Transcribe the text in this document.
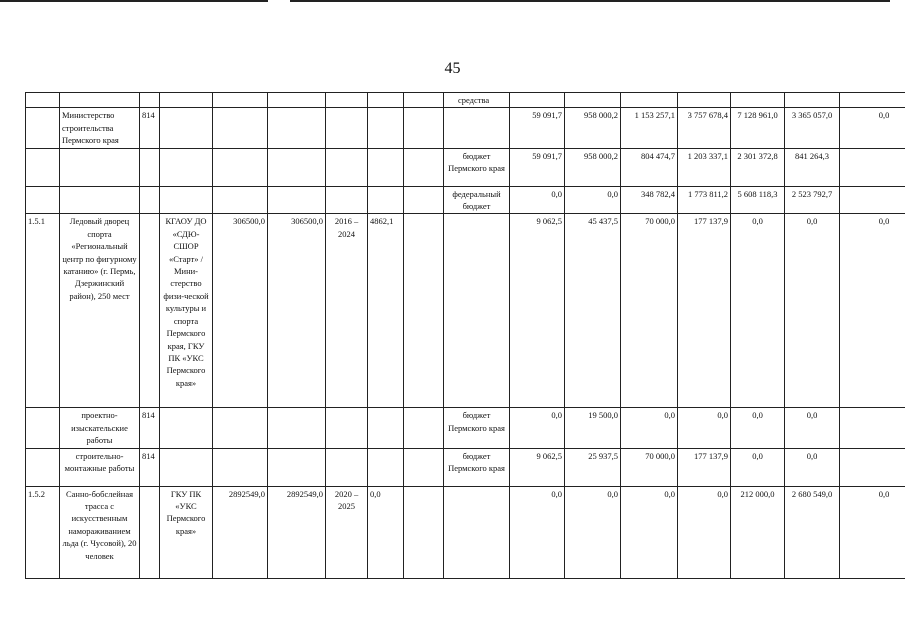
45
									средства							
	Министерство строительства Пермского края	814								59 091,7	958 000,2	1 153 257,1	3 757 678,4	7 128 961,0	3 365 057,0	0,0
									бюджет Пермского края	59 091,7	958 000,2	804 474,7	1 203 337,1	2 301 372,8	841 264,3	
									федеральный бюджет	0,0	0,0	348 782,4	1 773 811,2	5 608 118,3	2 523 792,7	
1.5.1	Ледовый дворец спорта «Региональный центр по фигурному катанию» (г. Пермь, Дзержинский район), 250 мест		КГАОУ ДО «СДЮ-СШОР «Старт» / Мини-стерство физи-ческой культуры и спорта Пермского края, ГКУ ПК «УКС Пермского края»	306500,0	306500,0	2016 – 2024	4862,1			9 062,5	45 437,5	70 000,0	177 137,9	0,0	0,0	0,0
	проектно-изыскательские работы	814							бюджет Пермского края	0,0	19 500,0	0,0	0,0	0,0	0,0	
	строительно-монтажные работы	814							бюджет Пермского края	9 062,5	25 937,5	70 000,0	177 137,9	0,0	0,0	
1.5.2	Санно-бобслейная трасса с искусственным намораживанием льда (г. Чусовой), 20 человек		ГКУ ПК «УКС Пермского края»	2892549,0	2892549,0	2020 – 2025	0,0			0,0	0,0	0,0	0,0	212 000,0	2 680 549,0	0,0
